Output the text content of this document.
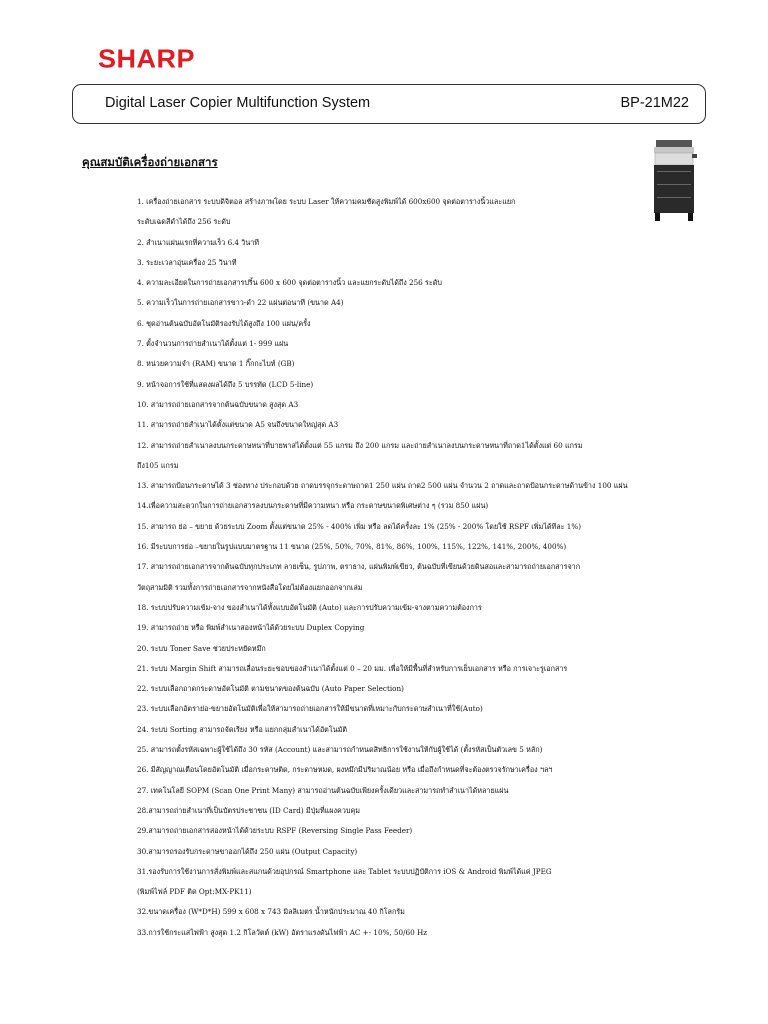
SHARP
Digital Laser Copier Multifunction System	BP-21M22
คุณสมบัติเครื่องถ่ายเอกสาร
1. เครื่องถ่ายเอกสาร ระบบดิจิตอล สร้างภาพโดย ระบบ Laser ให้ความคมชัดสูงพิมพ์ได้ 600x600 จุดต่อตารางนิ้วและแยก
ระดับเฉดสีดำได้ถึง 256 ระดับ
2. สำเนาแผ่นแรกที่ความเร็ว 6.4 วินาที
3. ระยะเวลาอุ่นเครื่อง 25 วินาที
4. ความละเอียดในการถ่ายเอกสารปริ้น 600 x 600 จุดต่อตารางนิ้ว และแยกระดับได้ถึง 256 ระดับ
5. ความเร็วในการถ่ายเอกสารขาว-ดำ 22 แผ่นต่อนาที (ขนาด A4)
6. ชุดอ่านต้นฉบับอัตโนมัติรองรับได้สูงถึง 100 แผ่น/ครั้ง
7. ตั้งจำนวนการถ่ายสำเนาได้ตั้งแต่ 1- 999 แผ่น
8. หน่วยความจำ (RAM) ขนาด 1 กิ๊กกะไบท์ (GB)
9. หน้าจอการใช้ที่แสดงผลได้ถึง 5 บรรทัด (LCD 5-line)
10. สามารถถ่ายเอกสารจากต้นฉบับขนาด สูงสุด A3
11. สามารถถ่ายสำเนาได้ตั้งแต่ขนาด A5 จนถึงขนาดใหญ่สุด A3
12. สามารถถ่ายสำเนาลงบนกระดาษหนาที่บายพาสได้ตั้งแต่ 55 แกรม ถึง 200 แกรม และถ่ายสำเนาลงบนกระดาษหนาที่ถาด1ได้ตั้งแต่ 60 แกรม
ถึง105 แกรม
13. สามารถป้อนกระดาษได้ 3 ช่องทาง ประกอบด้วย ถาดบรรจุกระดาษถาด1 250 แผ่น ถาด2 500 แผ่น จำนวน 2 ถาดและถาดป้อนกระดาษด้านข้าง 100 แผ่น
14.เพื่อความสะดวกในการถ่ายเอกสารลงบนกระดาษที่มีความหนา หรือ กระดาษขนาดพิเศษต่าง ๆ (รวม 850 แผ่น)
15. สามารถ ย่อ – ขยาย ด้วยระบบ Zoom ตั้งแต่ขนาด 25% - 400% เพิ่ม หรือ ลดได้ครั้งละ 1% (25% - 200% โดยใช้ RSPF เพิ่มได้ทีละ 1%)
16. มีระบบการย่อ –ขยายในรูปแบบมาตรฐาน 11 ขนาด (25%, 50%, 70%, 81%, 86%, 100%, 115%, 122%, 141%, 200%, 400%)
17. สามารถถ่ายเอกสารจากต้นฉบับทุกประเภท ลายเซ็น, รูปภาพ, ตราธาง, แผ่นพิมพ์เขียว, ต้นฉบับที่เขียนด้วยดินสอและสามารถถ่ายเอกสารจาก
วัตถุสามมิติ รวมทั้งการถ่ายเอกสารจากหนังสือโดยไม่ต้องแยกออกจากเล่ม
18. ระบบปรับความเข้ม-จาง ของสำเนาได้ทั้งแบบอัตโนมัติ (Auto) และการปรับความเข้ม-จางตามความต้องการ
19. สามารถถ่าย หรือ พิมพ์สำเนาสองหน้าได้ด้วยระบบ Duplex Copying
20. ระบบ Toner Save ช่วยประหยัดหมึก
21. ระบบ Margin Shift สามารถเลื่อนระยะขอบของสำเนาได้ตั้งแต่ 0 – 20 มม. เพื่อให้มีพื้นที่สำหรับการเย็บเอกสาร หรือ การเจาะรูเอกสาร
22. ระบบเลือกถาดกระดาษอัตโนมัติ ตามขนาดของต้นฉบับ (Auto Paper Selection)
23. ระบบเลือกอัตราย่อ-ขยายอัตโนมัติเพื่อให้สามารถถ่ายเอกสารให้มีขนาดที่เหมาะกับกระดาษสำเนาที่ใช้(Auto)
24. ระบบ Sorting สามารถจัดเรียง หรือ แยกกลุ่มสำเนาได้อัตโนมัติ
25. สามารถตั้งรหัสเฉพาะผู้ใช้ได้ถึง 30 รหัส (Account) และสามารถกำหนดสิทธิการใช้งานให้กับผู้ใช้ได้ (ตั้งรหัสเป็นตัวเลข 5 หลัก)
26. มีสัญญาณเตือนโดยอัตโนมัติ เมื่อกระดาษติด, กระดาษหมด, ผงหมึกมีปริมาณน้อย หรือ เมื่อถึงกำหนดที่จะต้องตรวจรักษาเครื่อง ฯลฯ
27. เทคโนโลยี SOPM (Scan One Print Many) สามารถอ่านต้นฉบับเพียงครั้งเดียวและสามารถทำสำเนาได้หลายแผ่น
28.สามารถถ่ายสำเนาที่เป็นบัตรประชาชน (ID Card) มีปุ่มที่แผงควบคุม
29.สามารถถ่ายเอกสารสองหน้าได้ด้วยระบบ RSPF (Reversing Single Pass Feeder)
30.สามารถรองรับกระดาษขาออกได้ถึง 250 แผ่น (Output Capacity)
31.รองรับการใช้งานการสั่งพิมพ์และสแกนด้วยอุปกรณ์ Smartphone และ Tablet ระบบปฏิบัติการ iOS & Android พิมพ์ได้แค่ JPEG
(พิมพ์ไฟล์ PDF ติด Opt:MX-PK11)
32.ขนาดเครื่อง (W*D*H) 599 x 608 x 743 มิลลิเมตร น้ำหนักประมาณ 40 กิโลกรัม
33.การใช้กระแสไฟฟ้า สูงสุด 1.2 กิโลวัตต์ (kW) อัตราแรงดันไฟฟ้า AC +- 10%, 50/60 Hz
